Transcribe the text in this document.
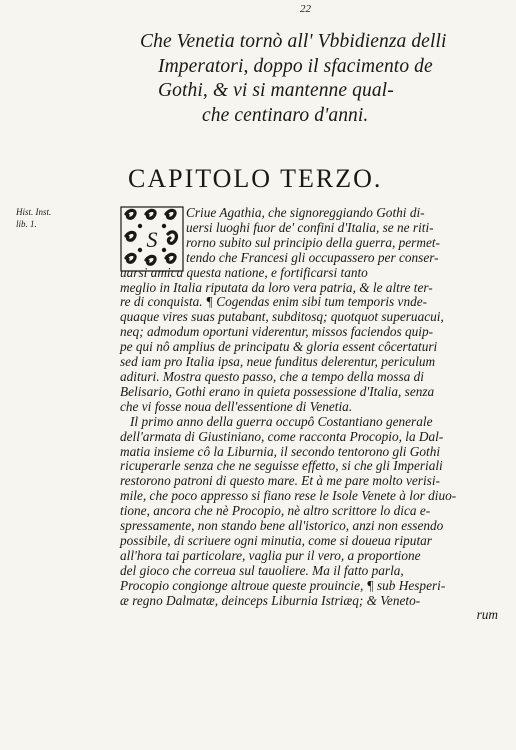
22
Che Venetia tornò all' Vbbidienza delli
Imperatori, doppo il sfacimento de
Gothi, & vi si mantenne qual-
che centinaro d'anni.
CAPITOLO TERZO.
Hist. Inst.
lib. 1.
S
Criue Agathia, che signoreggiando Gothi di-
uersi luoghi fuor de' confini d'Italia, se ne riti-
rorno subito sul principio della guerra, permet-
tendo che Francesi gli occupassero per conser-
uarsi amica questa natione, e fortificarsi tanto
meglio in Italia riputata da loro vera patria, & le altre ter-
re di conquista. ¶ Cogendas enim sibi tum temporis vnde-
quaque vires suas putabant, subditosq; quotquot superuacui,
neq; admodum oportuni viderentur, missos faciendos quip-
pe qui nô amplius de principatu & gloria essent côcertaturi
sed iam pro Italia ipsa, neue funditus delerentur, periculum
adituri. Mostra questo passo, che a tempo della mossa di
Belisario, Gothi erano in quieta possessione d'Italia, senza
che vi fosse noua dell'essentione di Venetia.
Il primo anno della guerra occupô Costantiano generale
dell'armata di Giustiniano, come racconta Procopio, la Dal-
matia insieme cô la Liburnia, il secondo tentorono gli Gothi
ricuperarle senza che ne seguisse effetto, si che gli Imperiali
restorono patroni di questo mare. Et à me pare molto verisi-
mile, che poco appresso si fiano rese le Isole Venete à lor diuo-
tione, ancora che nè Procopio, nè altro scrittore lo dica e-
spressamente, non stando bene all'istorico, anzi non essendo
possibile, di scriuere ogni minutia, come si doueua riputar
all'hora tai particolare, vaglia pur il vero, a proportione
del gioco che correua sul tauoliere. Ma il fatto parla,
Procopio congionge altroue queste prouincie, ¶ sub Hesperi-
æ regno Dalmatæ, deinceps Liburnia Istriæq; & Veneto-
rum
